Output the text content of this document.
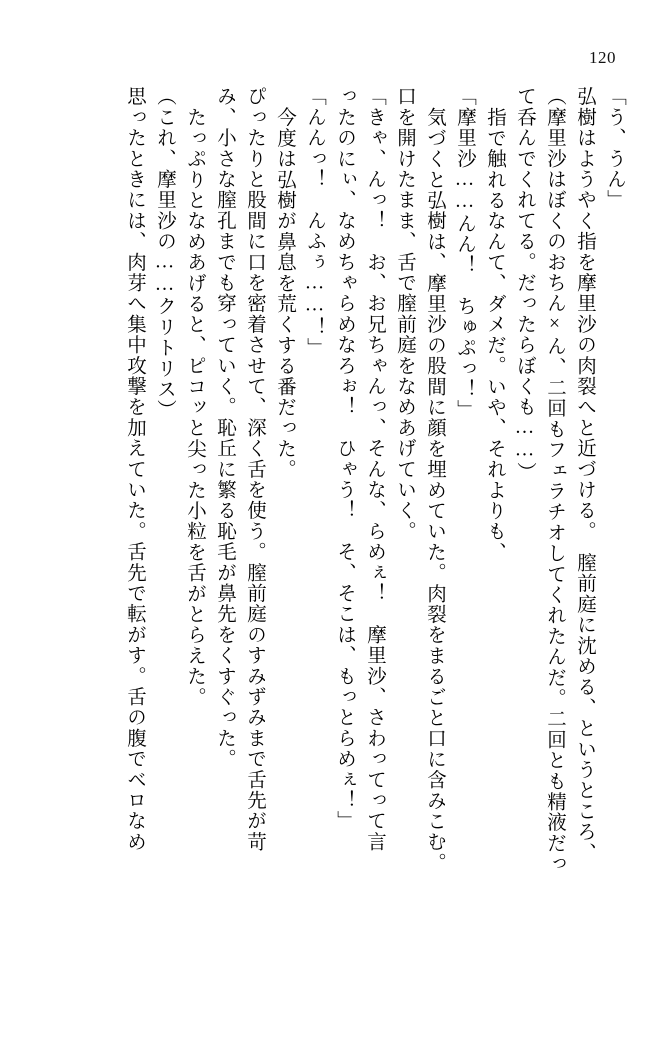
120
「う、うん」
弘樹はようやく指を摩里沙の肉裂へと近づける。　膣前庭に沈める、というところ、
（摩里沙はぼくのおちん×ん、二回もフェラチオしてくれたんだ。二回とも精液だっ
て呑んでくれてる。だったらぼくも……）
指で触れるなんて、ダメだ。いや、それよりも、
「摩里沙……んん！　ちゅぷっ！」
気づくと弘樹は、摩里沙の股間に顔を埋めていた。肉裂をまるごと口に含みこむ。
口を開けたまま、舌で膣前庭をなめあげていく。
「きゃ、んっ！　お、お兄ちゃんっ、そんな、らめぇ！　摩里沙、さわってって言
ったのにぃ、なめちゃらめなろぉ！　ひゃう！　そ、そこは、もっとらめぇ！」
「んんっ！　んふぅ……！」
今度は弘樹が鼻息を荒くする番だった。
ぴったりと股間に口を密着させて、深く舌を使う。膣前庭のすみずみまで舌先が苛
み、小さな膣孔までも穿っていく。恥丘に繁る恥毛が鼻先をくすぐった。
たっぷりとなめあげると、ピコッと尖った小粒を舌がとらえた。
（これ、摩里沙の……クリトリス）
思ったときには、肉芽へ集中攻撃を加えていた。舌先で転がす。舌の腹でベロなめ
